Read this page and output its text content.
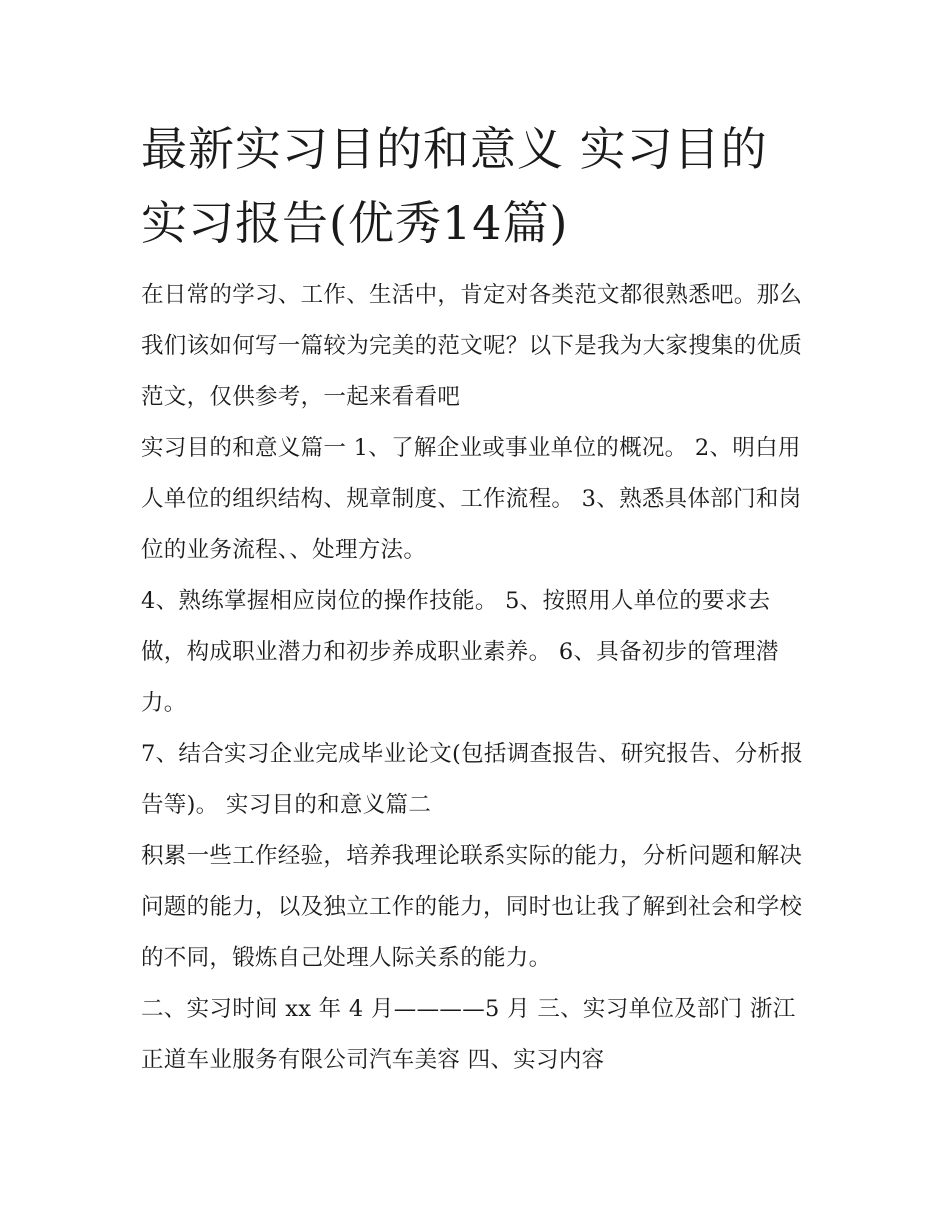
最新实习目的和意义 实习目的实习报告(优秀14篇)

在日常的学习、工作、生活中，肯定对各类范文都很熟悉吧。那么我们该如何写一篇较为完美的范文呢？以下是我为大家搜集的优质范文，仅供参考，一起来看看吧

实习目的和意义篇一 1、了解企业或事业单位的概况。 2、明白用人单位的组织结构、规章制度、工作流程。 3、熟悉具体部门和岗位的业务流程、、处理方法。

4、熟练掌握相应岗位的操作技能。 5、按照用人单位的要求去做，构成职业潜力和初步养成职业素养。 6、具备初步的管理潜力。

7、结合实习企业完成毕业论文(包括调查报告、研究报告、分析报告等)。 实习目的和意义篇二

积累一些工作经验，培养我理论联系实际的能力，分析问题和解决问题的能力，以及独立工作的能力，同时也让我了解到社会和学校的不同，锻炼自己处理人际关系的能力。

二、实习时间 xx 年 4 月————5 月 三、实习单位及部门 浙江正道车业服务有限公司汽车美容 四、实习内容
